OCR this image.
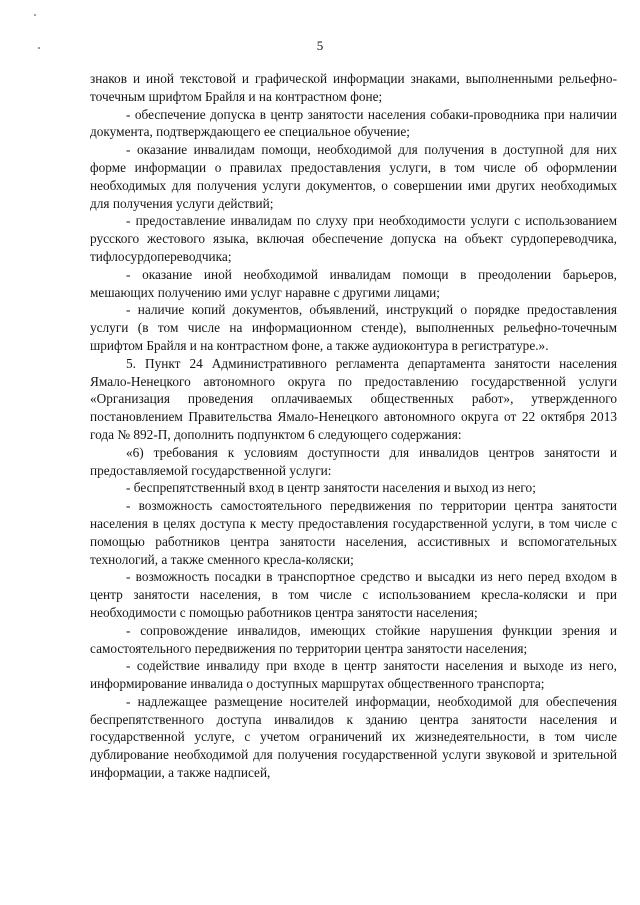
5

знаков и иной текстовой и графической информации знаками, выполненными рельефно-точечным шрифтом Брайля и на контрастном фоне;

- обеспечение допуска в центр занятости населения собаки-проводника при наличии документа, подтверждающего ее специальное обучение;

- оказание инвалидам помощи, необходимой для получения в доступной для них форме информации о правилах предоставления услуги, в том числе об оформлении необходимых для получения услуги документов, о совершении ими других необходимых для получения услуги действий;

- предоставление инвалидам по слуху при необходимости услуги с использованием русского жестового языка, включая обеспечение допуска на объект сурдопереводчика, тифлосурдопереводчика;

- оказание иной необходимой инвалидам помощи в преодолении барьеров, мешающих получению ими услуг наравне с другими лицами;

- наличие копий документов, объявлений, инструкций о порядке предоставления услуги (в том числе на информационном стенде), выполненных рельефно-точечным шрифтом Брайля и на контрастном фоне, а также аудиоконтура в регистратуре.».

5. Пункт 24 Административного регламента департамента занятости населения Ямало-Ненецкого автономного округа по предоставлению государственной услуги «Организация проведения оплачиваемых общественных работ», утвержденного постановлением Правительства Ямало-Ненецкого автономного округа от 22 октября 2013 года № 892-П, дополнить подпунктом 6 следующего содержания:

«6) требования к условиям доступности для инвалидов центров занятости и предоставляемой государственной услуги:

- беспрепятственный вход в центр занятости населения и выход из него;

- возможность самостоятельного передвижения по территории центра занятости населения в целях доступа к месту предоставления государственной услуги, в том числе с помощью работников центра занятости населения, ассистивных и вспомогательных технологий, а также сменного кресла-коляски;

- возможность посадки в транспортное средство и высадки из него перед входом в центр занятости населения, в том числе с использованием кресла-коляски и при необходимости с помощью работников центра занятости населения;

- сопровождение инвалидов, имеющих стойкие нарушения функции зрения и самостоятельного передвижения по территории центра занятости населения;

- содействие инвалиду при входе в центр занятости населения и выходе из него, информирование инвалида о доступных маршрутах общественного транспорта;

- надлежащее размещение носителей информации, необходимой для обеспечения беспрепятственного доступа инвалидов к зданию центра занятости населения и государственной услуге, с учетом ограничений их жизнедеятельности, в том числе дублирование необходимой для получения государственной услуги звуковой и зрительной информации, а также надписей,
